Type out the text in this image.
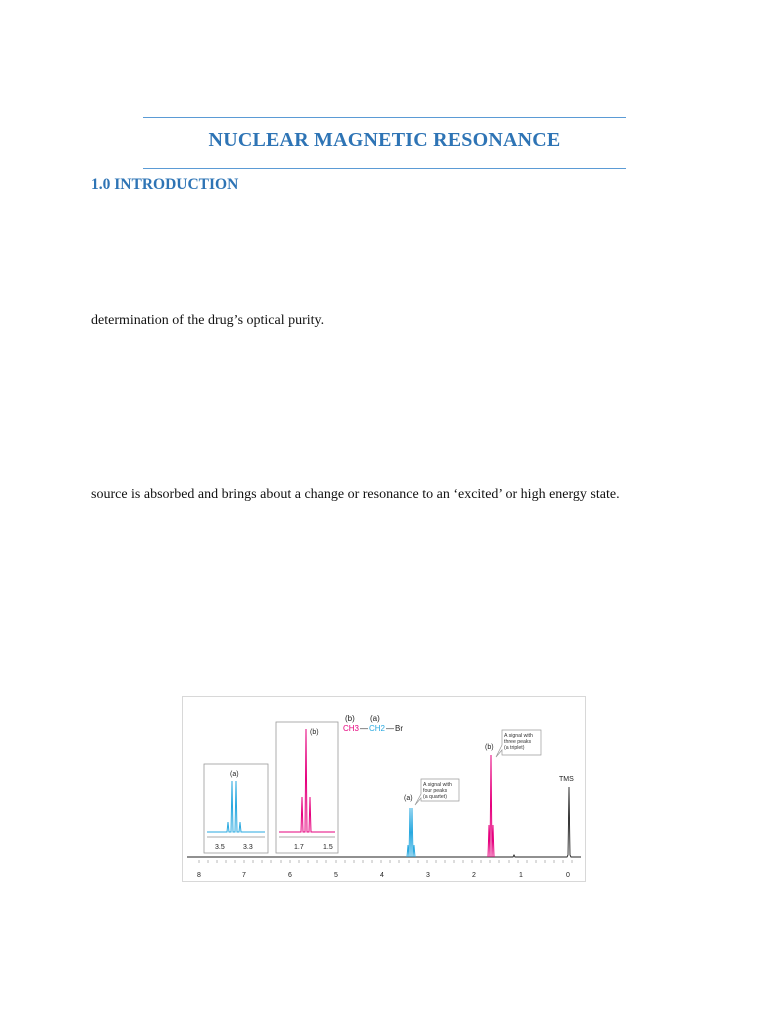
NUCLEAR MAGNETIC RESONANCE
1.0 INTRODUCTION
determination of the drug’s optical purity.
source is absorbed and brings about a change or resonance to an ‘excited’ or high energy state.
(b) (a)
CH3 — CH2 — Br
(a)
3.5	3.3
(b)
1.7	1.5
(a)
A signal with
four peaks
(a quartet)
(b)
A signal with
three peaks
(a triplet)
TMS
8	7	6	5	4	3	2	1	0
